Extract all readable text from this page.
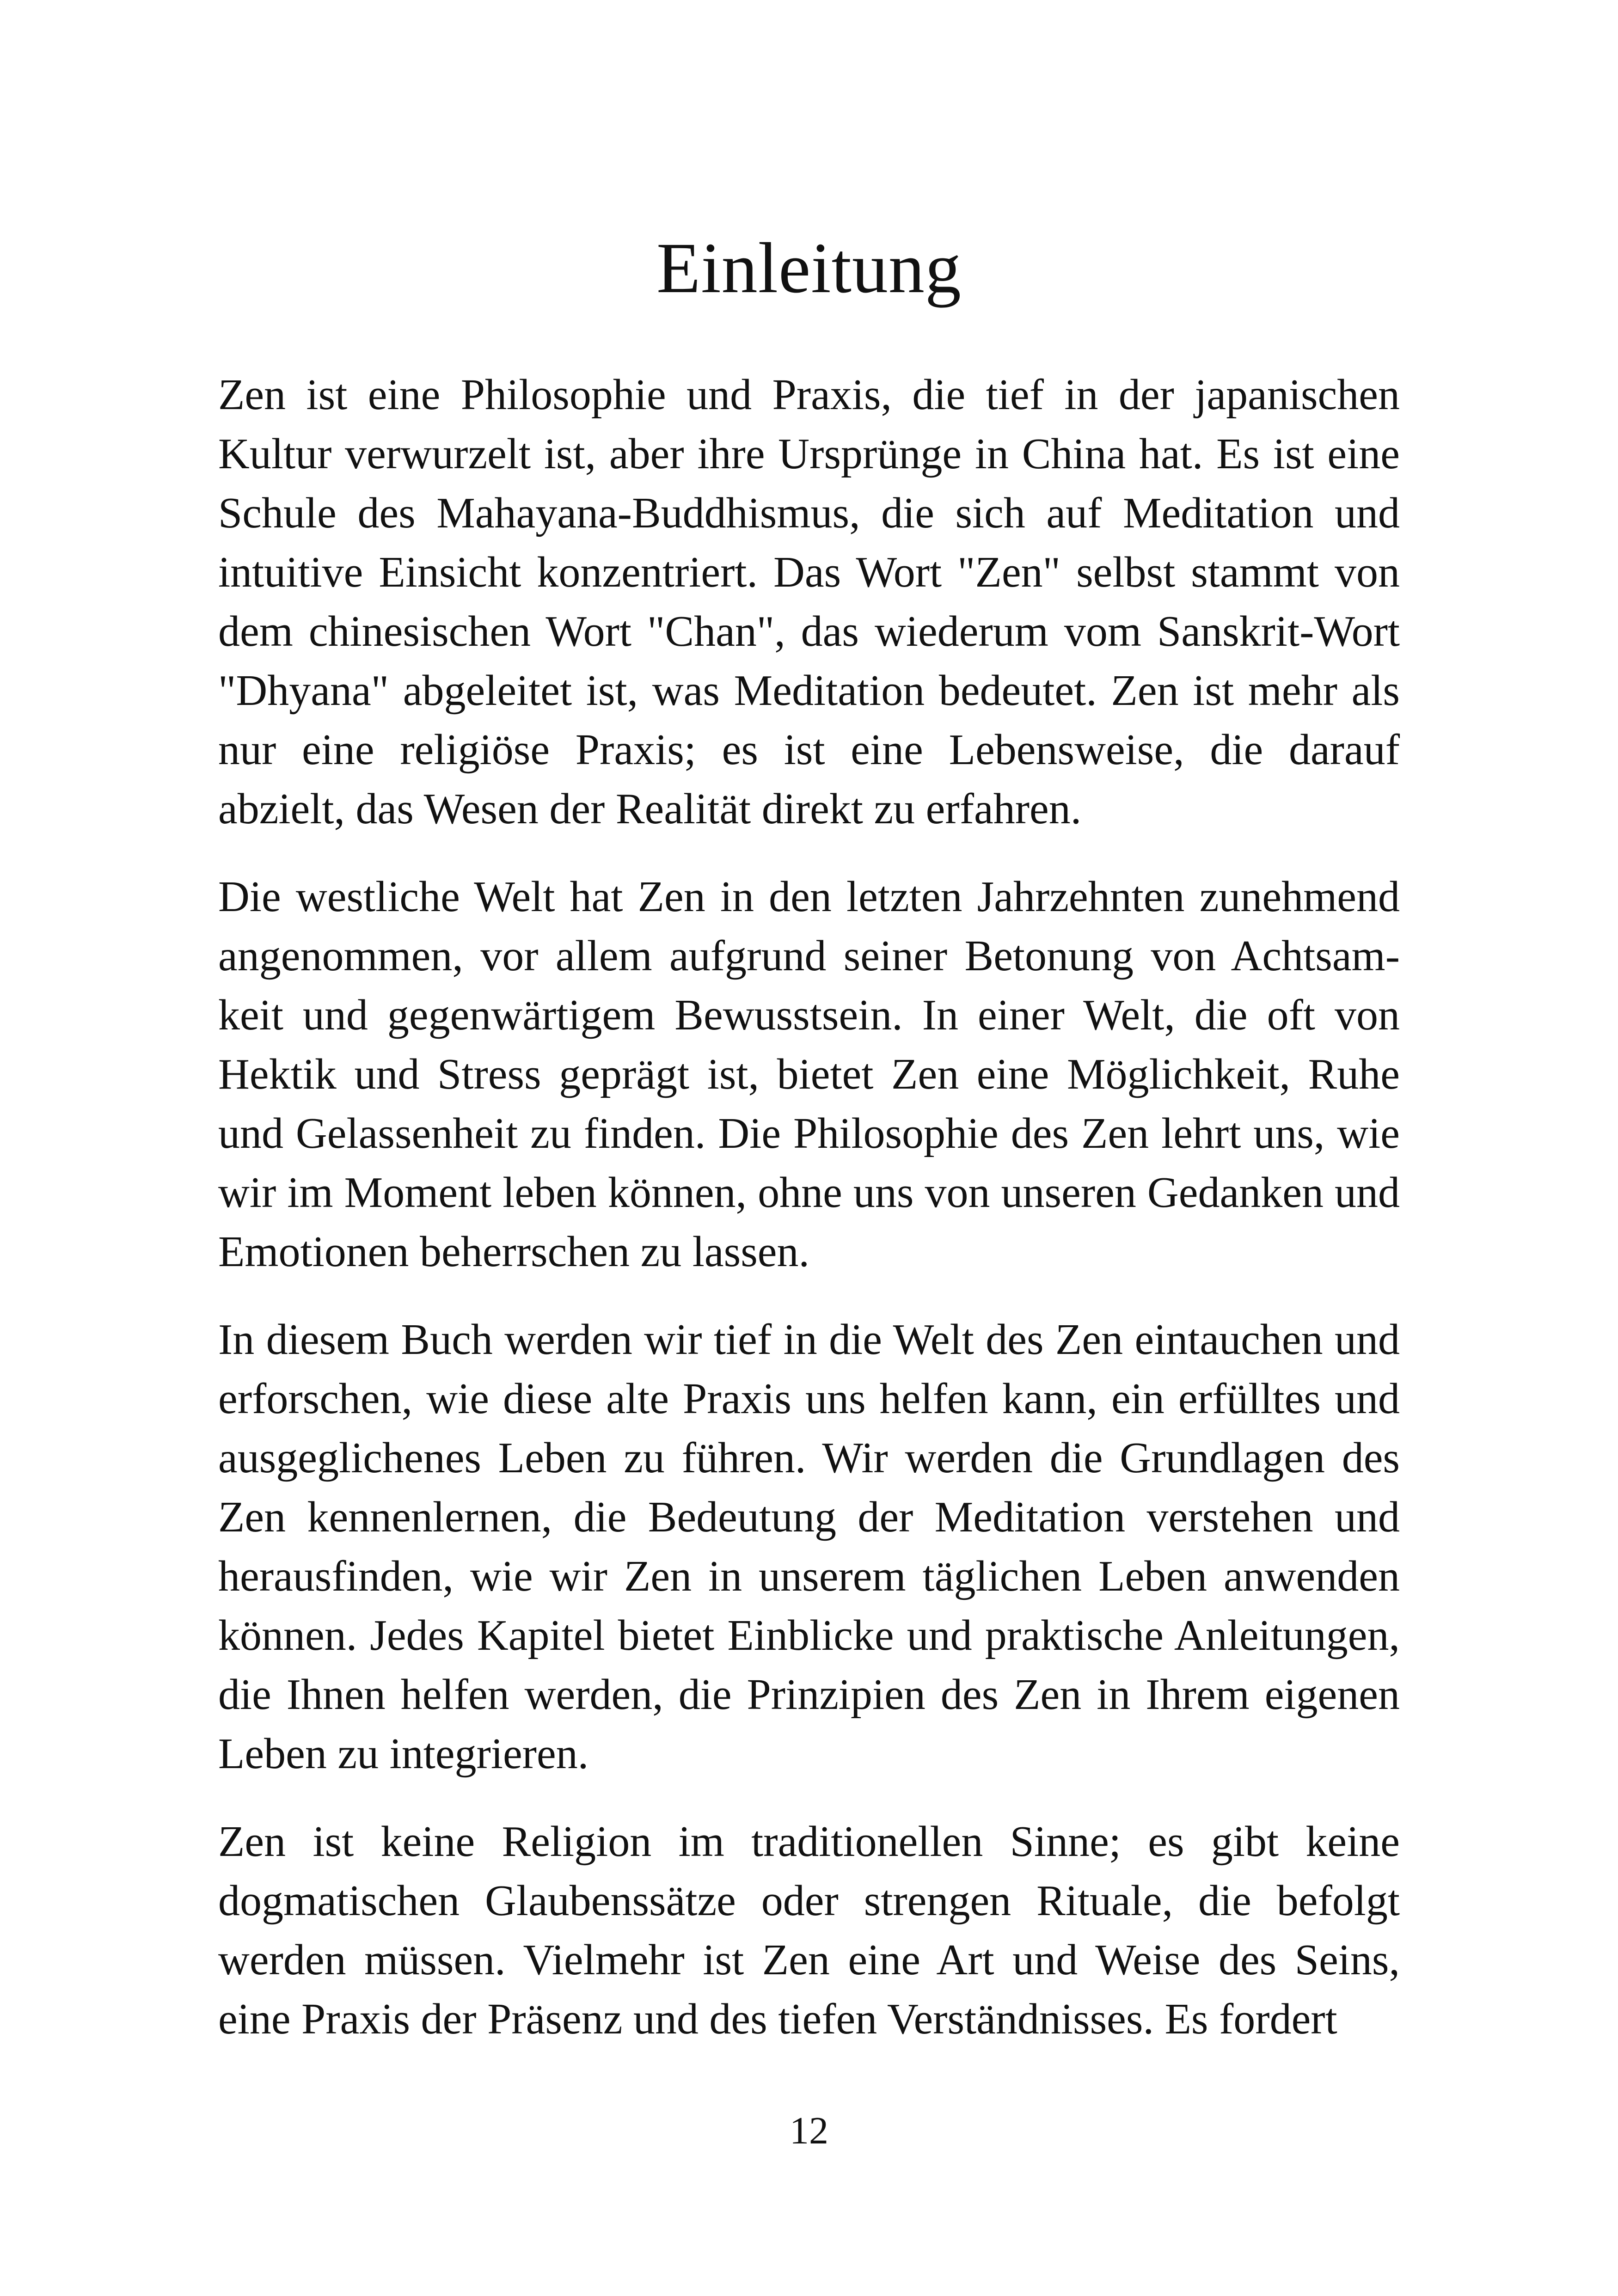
Einleitung

Zen ist eine Philosophie und Praxis, die tief in der japanischen Kultur verwurzelt ist, aber ihre Ursprünge in China hat. Es ist eine Schule des Mahayana-Buddhismus, die sich auf Meditation und intuitive Einsicht konzentriert. Das Wort "Zen" selbst stammt von dem chinesischen Wort "Chan", das wiederum vom Sanskrit-Wort "Dhyana" abgeleitet ist, was Meditation bedeutet. Zen ist mehr als nur eine religiöse Praxis; es ist eine Lebensweise, die darauf abzielt, das Wesen der Realität direkt zu erfahren.

Die westliche Welt hat Zen in den letzten Jahrzehnten zunehmend angenommen, vor allem aufgrund seiner Betonung von Achtsamkeit und gegenwärtigem Bewusstsein. In einer Welt, die oft von Hektik und Stress geprägt ist, bietet Zen eine Möglichkeit, Ruhe und Gelassenheit zu finden. Die Philosophie des Zen lehrt uns, wie wir im Moment leben können, ohne uns von unseren Gedanken und Emotionen beherrschen zu lassen.

In diesem Buch werden wir tief in die Welt des Zen eintauchen und erforschen, wie diese alte Praxis uns helfen kann, ein erfülltes und ausgeglichenes Leben zu führen. Wir werden die Grundlagen des Zen kennenlernen, die Bedeutung der Meditation verstehen und herausfinden, wie wir Zen in unserem täglichen Leben anwenden können. Jedes Kapitel bietet Einblicke und praktische Anleitungen, die Ihnen helfen werden, die Prinzipien des Zen in Ihrem eigenen Leben zu integrieren.

Zen ist keine Religion im traditionellen Sinne; es gibt keine dogmatischen Glaubenssätze oder strengen Rituale, die befolgt werden müssen. Vielmehr ist Zen eine Art und Weise des Seins, eine Praxis der Präsenz und des tiefen Verständnisses. Es fordert

12
